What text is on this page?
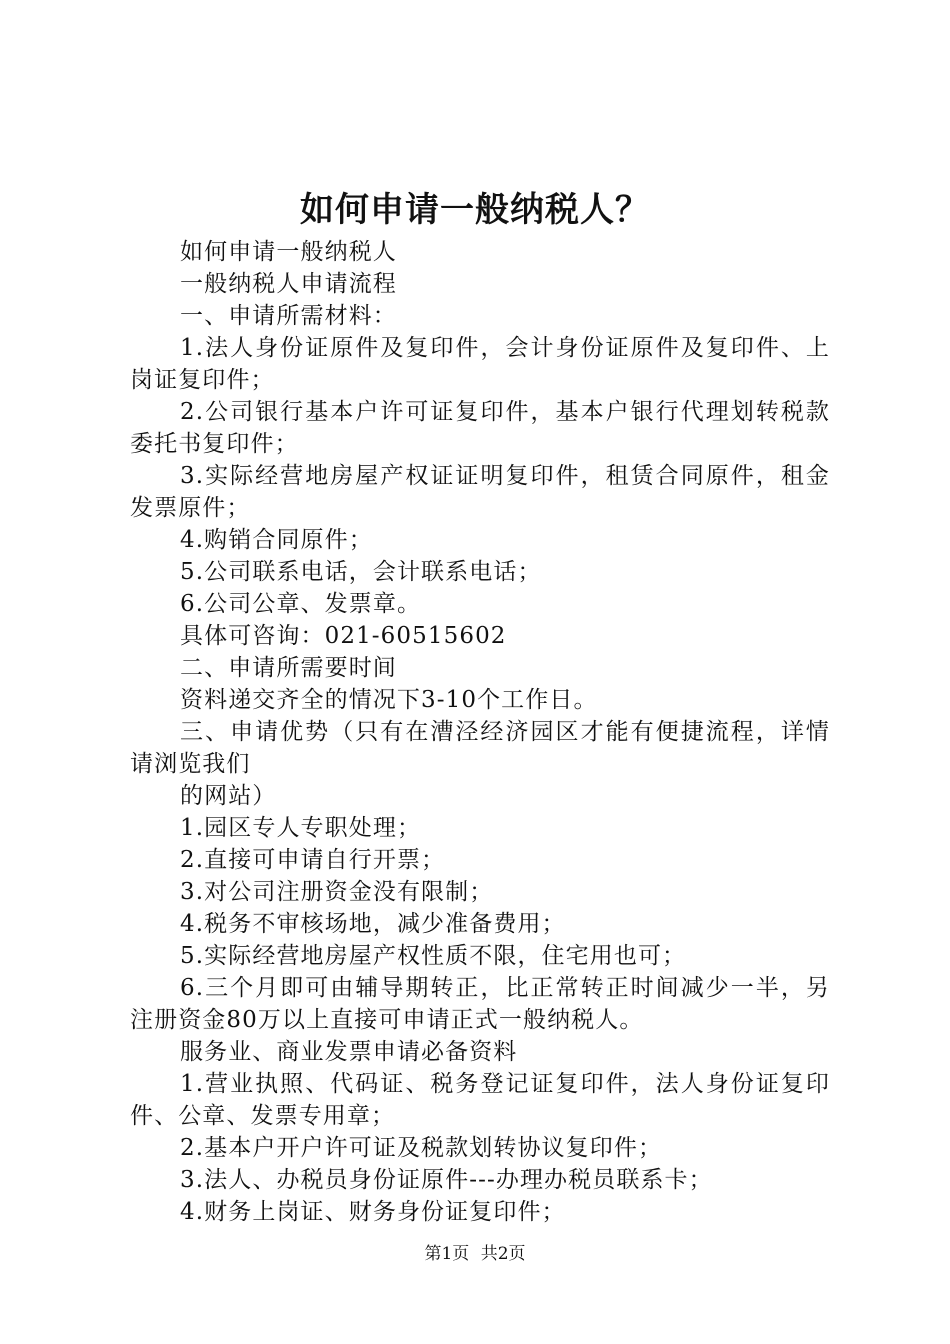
如何申请一般纳税人？

如何申请一般纳税人

一般纳税人申请流程

一、申请所需材料：

1.法人身份证原件及复印件，会计身份证原件及复印件、上岗证复印件；

2.公司银行基本户许可证复印件，基本户银行代理划转税款委托书复印件；

3.实际经营地房屋产权证证明复印件，租赁合同原件，租金发票原件；

4.购销合同原件；

5.公司联系电话，会计联系电话；

6.公司公章、发票章。

具体可咨询：021-60515602

二、申请所需要时间

资料递交齐全的情况下3-10个工作日。

三、申请优势（只有在漕泾经济园区才能有便捷流程，详情请浏览我们

的网站）

1.园区专人专职处理；

2.直接可申请自行开票；

3.对公司注册资金没有限制；

4.税务不审核场地，减少准备费用；

5.实际经营地房屋产权性质不限，住宅用也可；

6.三个月即可由辅导期转正，比正常转正时间减少一半，另注册资金80万以上直接可申请正式一般纳税人。

服务业、商业发票申请必备资料

1.营业执照、代码证、税务登记证复印件，法人身份证复印件、公章、发票专用章；

2.基本户开户许可证及税款划转协议复印件；

3.法人、办税员身份证原件---办理办税员联系卡；

4.财务上岗证、财务身份证复印件；

第1页 共2页
